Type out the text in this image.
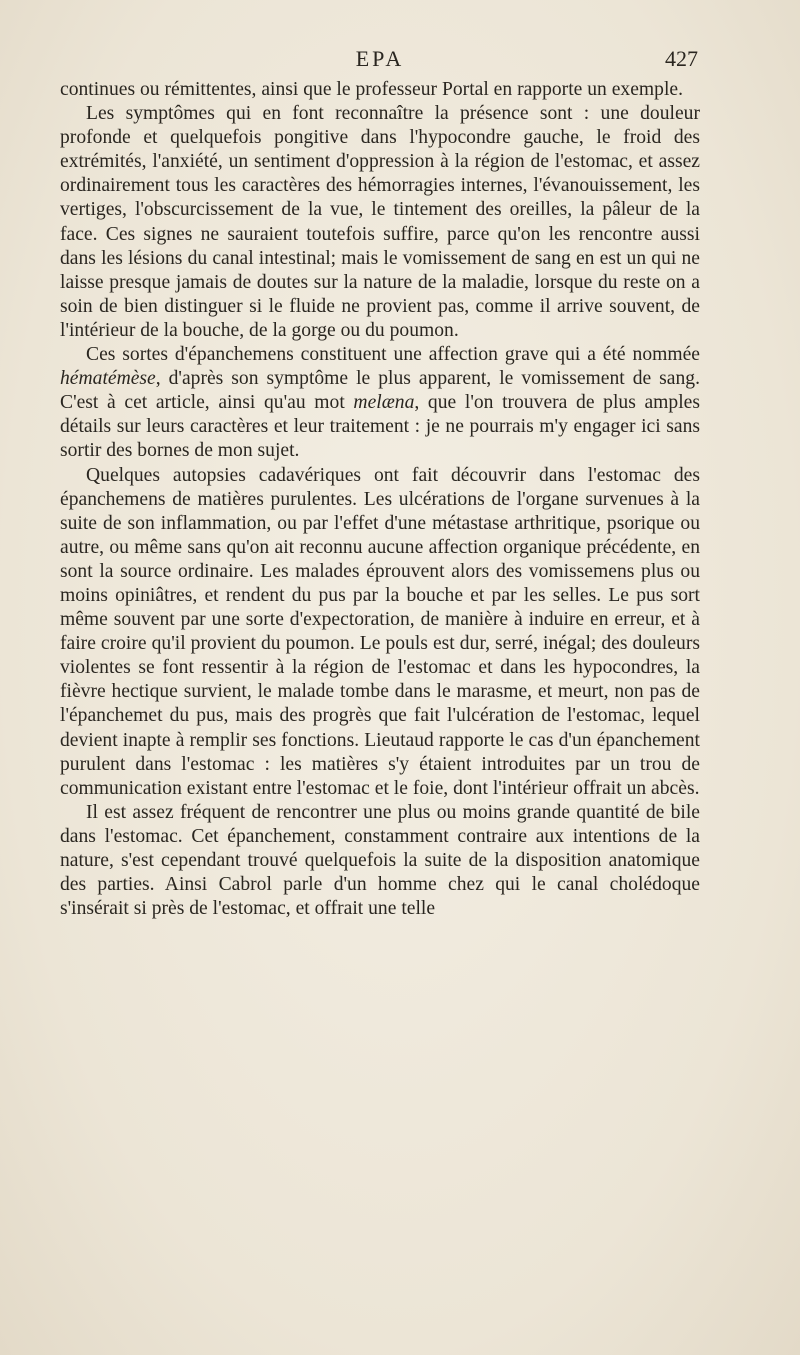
EPA	427

continues ou rémittentes, ainsi que le professeur Portal en rapporte un exemple.

Les symptômes qui en font reconnaître la présence sont : une douleur profonde et quelquefois pongitive dans l'hypocondre gauche, le froid des extrémités, l'anxiété, un sentiment d'oppression à la région de l'estomac, et assez ordinairement tous les caractères des hémorragies internes, l'évanouissement, les vertiges, l'obscurcissement de la vue, le tintement des oreilles, la pâleur de la face. Ces signes ne sauraient toutefois suffire, parce qu'on les rencontre aussi dans les lésions du canal intestinal; mais le vomissement de sang en est un qui ne laisse presque jamais de doutes sur la nature de la maladie, lorsque du reste on a soin de bien distinguer si le fluide ne provient pas, comme il arrive souvent, de l'intérieur de la bouche, de la gorge ou du poumon.

Ces sortes d'épanchemens constituent une affection grave qui a été nommée hématémèse, d'après son symptôme le plus apparent, le vomissement de sang. C'est à cet article, ainsi qu'au mot melæna, que l'on trouvera de plus amples détails sur leurs caractères et leur traitement : je ne pourrais m'y engager ici sans sortir des bornes de mon sujet.

Quelques autopsies cadavériques ont fait découvrir dans l'estomac des épanchemens de matières purulentes. Les ulcérations de l'organe survenues à la suite de son inflammation, ou par l'effet d'une métastase arthritique, psorique ou autre, ou même sans qu'on ait reconnu aucune affection organique précédente, en sont la source ordinaire. Les malades éprouvent alors des vomissemens plus ou moins opiniâtres, et rendent du pus par la bouche et par les selles. Le pus sort même souvent par une sorte d'expectoration, de manière à induire en erreur, et à faire croire qu'il provient du poumon. Le pouls est dur, serré, inégal; des douleurs violentes se font ressentir à la région de l'estomac et dans les hypocondres, la fièvre hectique survient, le malade tombe dans le marasme, et meurt, non pas de l'épanchemet du pus, mais des progrès que fait l'ulcération de l'estomac, lequel devient inapte à remplir ses fonctions. Lieutaud rapporte le cas d'un épanchement purulent dans l'estomac : les matières s'y étaient introduites par un trou de communication existant entre l'estomac et le foie, dont l'intérieur offrait un abcès.

Il est assez fréquent de rencontrer une plus ou moins grande quantité de bile dans l'estomac. Cet épanchement, constamment contraire aux intentions de la nature, s'est cependant trouvé quelquefois la suite de la disposition anatomique des parties. Ainsi Cabrol parle d'un homme chez qui le canal cholédoque s'insérait si près de l'estomac, et offrait une telle
